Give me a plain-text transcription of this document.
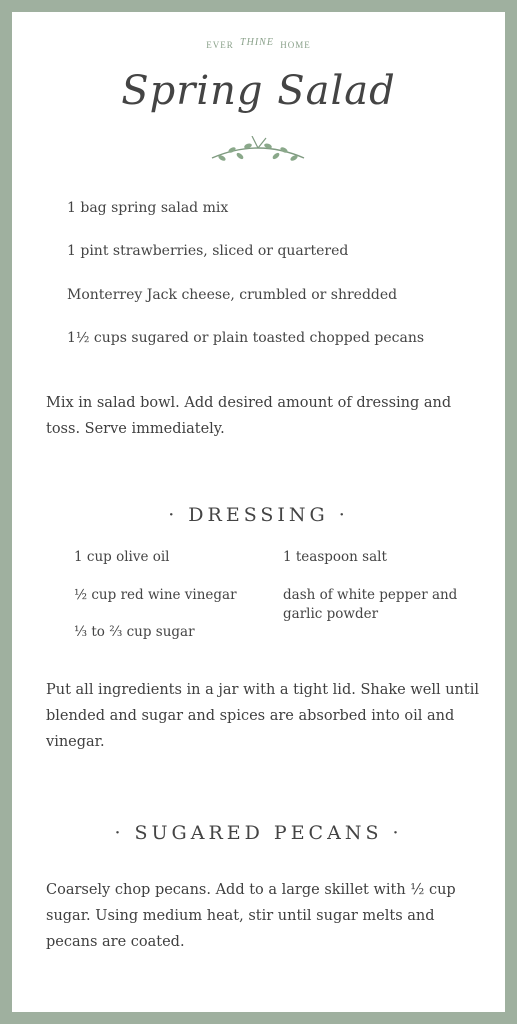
EVER THINE HOME
Spring Salad
1 bag spring salad mix
1 pint strawberries, sliced or quartered
Monterrey Jack cheese, crumbled or shredded
1½ cups sugared or plain toasted chopped pecans
Mix in salad bowl. Add desired amount of dressing and toss. Serve immediately.
· DRESSING ·
1 cup olive oil
½ cup red wine vinegar
⅓ to ⅔ cup sugar
1 teaspoon salt
dash of white pepper and garlic powder
Put all ingredients in a jar with a tight lid. Shake well until blended and sugar and spices are absorbed into oil and vinegar.
· SUGARED PECANS ·
Coarsely chop pecans. Add to a large skillet with ½ cup sugar. Using medium heat, stir until sugar melts and pecans are coated.
